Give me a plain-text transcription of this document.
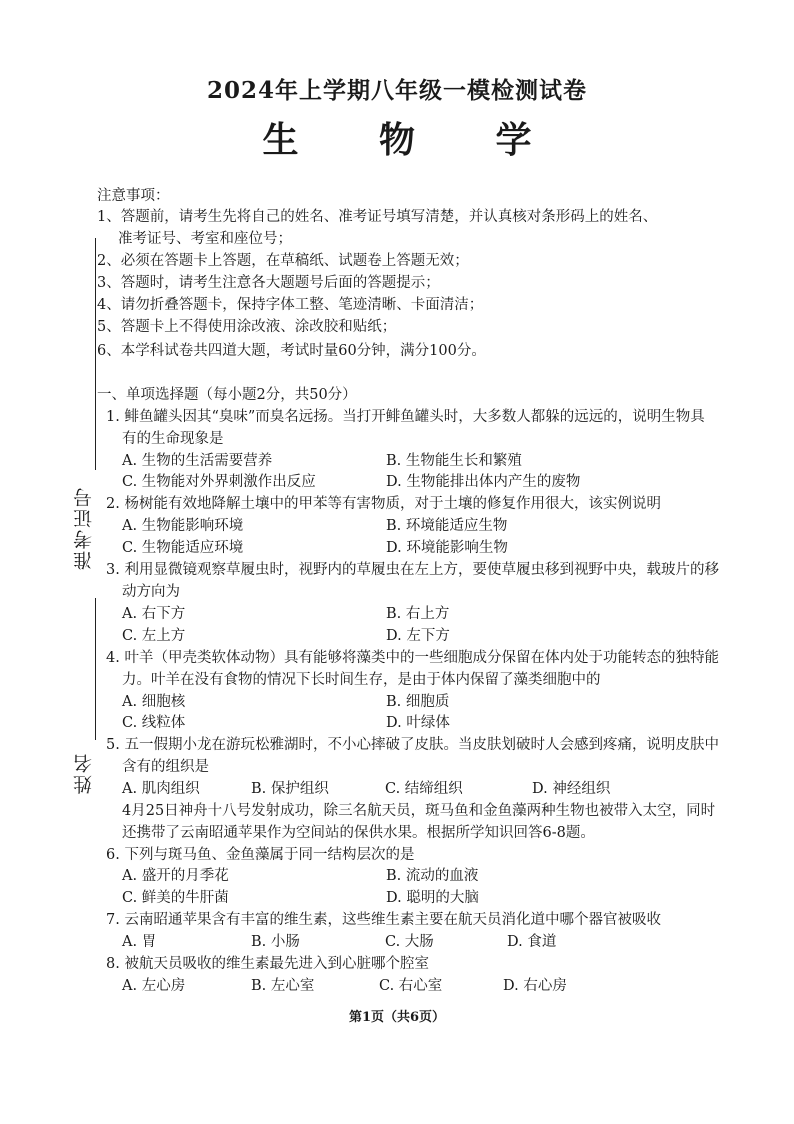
2024年上学期八年级一模检测试卷
生 物 学
准考证号
姓名
注意事项：
1、答题前，请考生先将自己的姓名、准考证号填写清楚，并认真核对条形码上的姓名、
准考证号、考室和座位号；
2、必须在答题卡上答题，在草稿纸、试题卷上答题无效；
3、答题时，请考生注意各大题题号后面的答题提示；
4、请勿折叠答题卡，保持字体工整、笔迹清晰、卡面清洁；
5、答题卡上不得使用涂改液、涂改胶和贴纸；
6、本学科试卷共四道大题，考试时量60分钟，满分100分。
一、单项选择题（每小题2分，共50分）
1. 鲱鱼罐头因其“臭味”而臭名远扬。当打开鲱鱼罐头时，大多数人都躲的远远的，说明生物具
有的生命现象是
A. 生物的生活需要营养	B. 生物能生长和繁殖
C. 生物能对外界刺激作出反应	D. 生物能排出体内产生的废物
2. 杨树能有效地降解土壤中的甲苯等有害物质，对于土壤的修复作用很大，该实例说明
A. 生物能影响环境	B. 环境能适应生物
C. 生物能适应环境	D. 环境能影响生物
3. 利用显微镜观察草履虫时，视野内的草履虫在左上方，要使草履虫移到视野中央，载玻片的移
动方向为
A. 右下方	B. 右上方
C. 左上方	D. 左下方
4. 叶羊（甲壳类软体动物）具有能够将藻类中的一些细胞成分保留在体内处于功能转态的独特能
力。叶羊在没有食物的情况下长时间生存，是由于体内保留了藻类细胞中的
A. 细胞核	B. 细胞质
C. 线粒体	D. 叶绿体
5. 五一假期小龙在游玩松雅湖时，不小心摔破了皮肤。当皮肤划破时人会感到疼痛，说明皮肤中
含有的组织是
A. 肌肉组织	B. 保护组织	C. 结缔组织	D. 神经组织
4月25日神舟十八号发射成功，除三名航天员，斑马鱼和金鱼藻两种生物也被带入太空，同时
还携带了云南昭通苹果作为空间站的保供水果。根据所学知识回答6-8题。
6. 下列与斑马鱼、金鱼藻属于同一结构层次的是
A. 盛开的月季花	B. 流动的血液
C. 鲜美的牛肝菌	D. 聪明的大脑
7. 云南昭通苹果含有丰富的维生素，这些维生素主要在航天员消化道中哪个器官被吸收
A. 胃	B. 小肠	C. 大肠	D. 食道
8. 被航天员吸收的维生素最先进入到心脏哪个腔室
A. 左心房	B. 左心室	C. 右心室	D. 右心房
第1页（共6页）
